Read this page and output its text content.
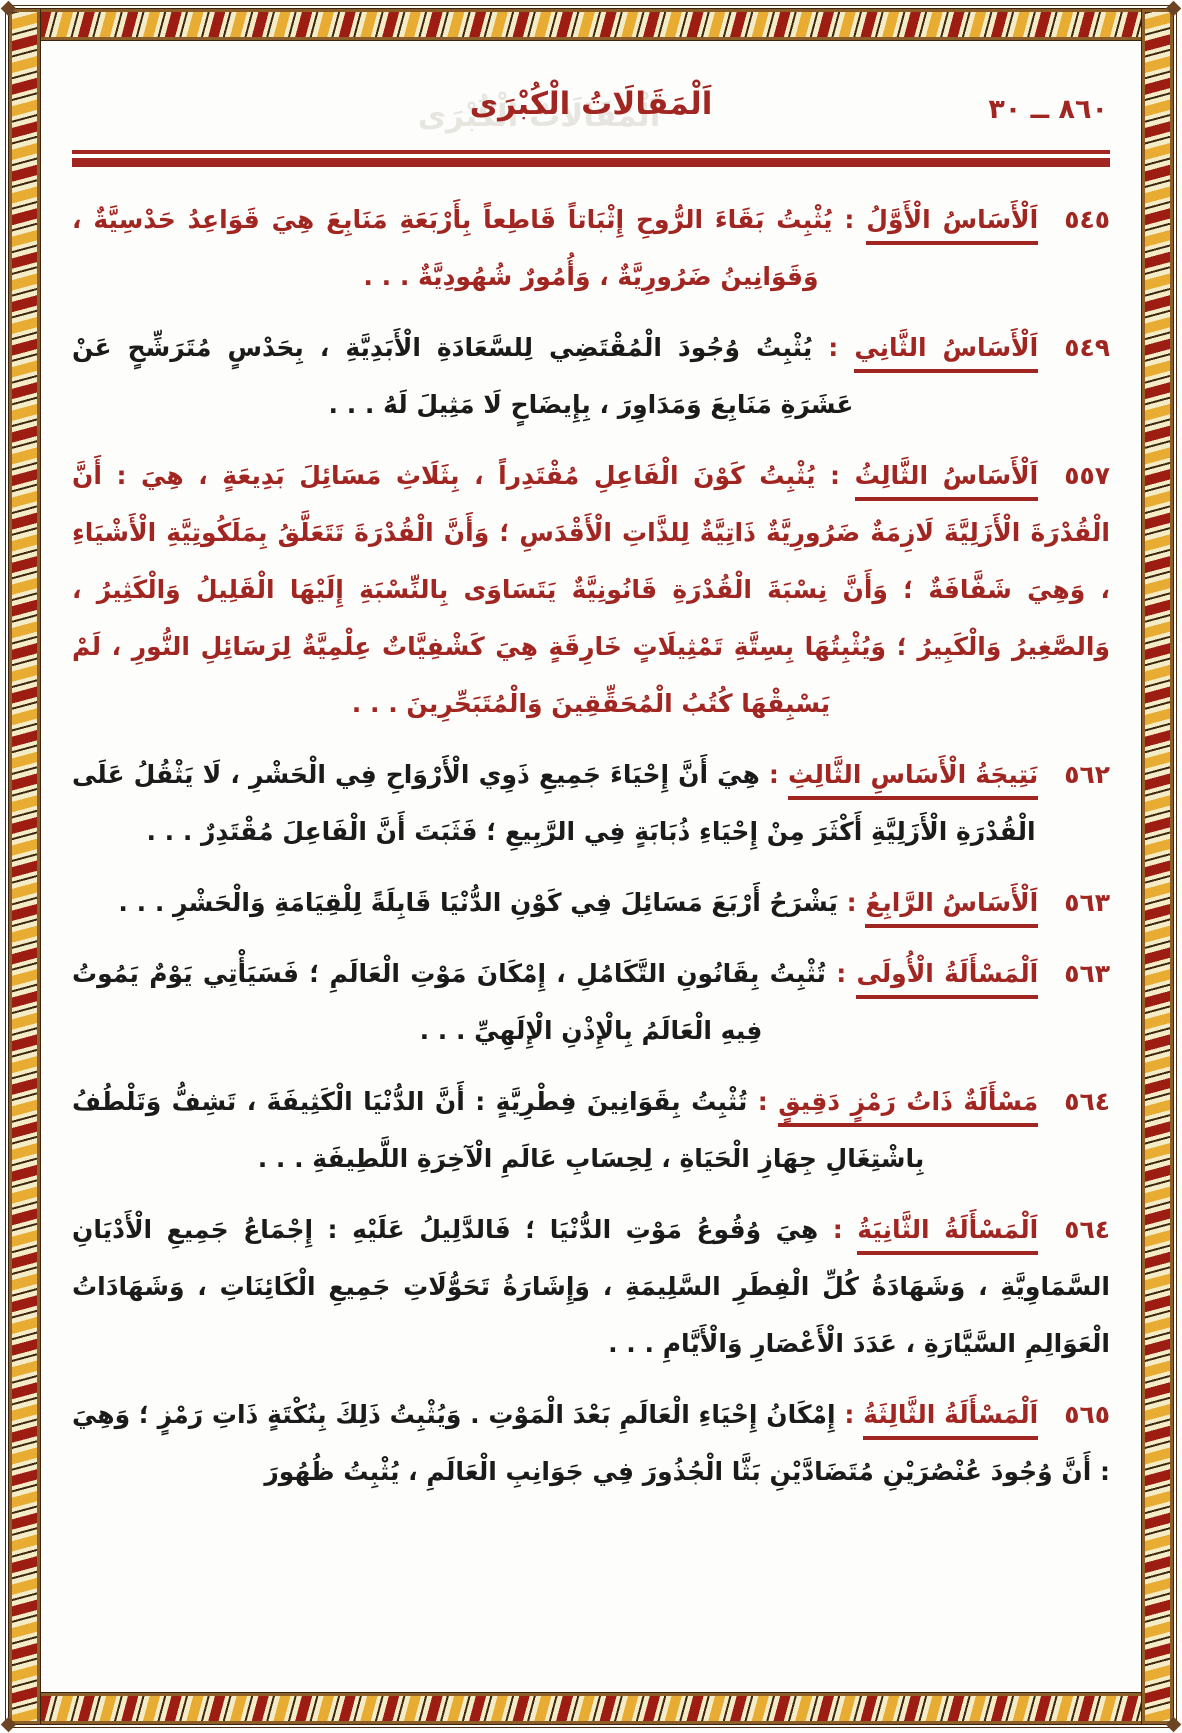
٨٦٠ ــ ٣٠
اَلْمَقَالَاتُ الْكُبْرَى

٥٤٥اَلْأَسَاسُ الْأَوَّلُ : يُثْبِتُ بَقَاءَ الرُّوحِ إِثْبَاتاً قَاطِعاً بِأَرْبَعَةِ مَنَابِعَ هِيَ قَوَاعِدُ حَدْسِيَّةٌ ، وَقَوَانِينُ ضَرُورِيَّةٌ ، وَأُمُورٌ شُهُودِيَّةٌ . . .

٥٤٩اَلْأَسَاسُ الثَّانِي : يُثْبِتُ وُجُودَ الْمُقْتَضِي لِلسَّعَادَةِ الْأَبَدِيَّةِ ، بِحَدْسٍ مُتَرَشِّحٍ عَنْ عَشَرَةِ مَنَابِعَ وَمَدَاوِرَ ، بِإِيضَاحٍ لَا مَثِيلَ لَهُ . . .

٥٥٧اَلْأَسَاسُ الثَّالِثُ : يُثْبِتُ كَوْنَ الْفَاعِلِ مُقْتَدِراً ، بِثَلَاثِ مَسَائِلَ بَدِيعَةٍ ، هِيَ : أَنَّ الْقُدْرَةَ الْأَزَلِيَّةَ لَازِمَةٌ ضَرُورِيَّةٌ ذَاتِيَّةٌ لِلذَّاتِ الْأَقْدَسِ ؛ وَأَنَّ الْقُدْرَةَ تَتَعَلَّقُ بِمَلَكُوتِيَّةِ الْأَشْيَاءِ ، وَهِيَ شَفَّافَةٌ ؛ وَأَنَّ نِسْبَةَ الْقُدْرَةِ قَانُونِيَّةٌ يَتَسَاوَى بِالنِّسْبَةِ إِلَيْهَا الْقَلِيلُ وَالْكَثِيرُ ، وَالصَّغِيرُ وَالْكَبِيرُ ؛ وَيُثْبِتُهَا بِسِتَّةِ تَمْثِيلَاتٍ خَارِقَةٍ هِيَ كَشْفِيَّاتٌ عِلْمِيَّةٌ لِرَسَائِلِ النُّورِ ، لَمْ يَسْبِقْهَا كُتُبُ الْمُحَقِّقِينَ وَالْمُتَبَحِّرِينَ . . .

٥٦٢نَتِيجَةُ الْأَسَاسِ الثَّالِثِ : هِيَ أَنَّ إِحْيَاءَ جَمِيعِ ذَوِي الْأَرْوَاحِ فِي الْحَشْرِ ، لَا يَثْقُلُ عَلَى الْقُدْرَةِ الْأَزَلِيَّةِ أَكْثَرَ مِنْ إِحْيَاءِ ذُبَابَةٍ فِي الرَّبِيعِ ؛ فَثَبَتَ أَنَّ الْفَاعِلَ مُقْتَدِرٌ . . .

٥٦٣اَلْأَسَاسُ الرَّابِعُ : يَشْرَحُ أَرْبَعَ مَسَائِلَ فِي كَوْنِ الدُّنْيَا قَابِلَةً لِلْقِيَامَةِ وَالْحَشْرِ . . .

٥٦٣اَلْمَسْأَلَةُ الْأُولَى : تُثْبِتُ بِقَانُونِ التَّكَامُلِ ، إِمْكَانَ مَوْتِ الْعَالَمِ ؛ فَسَيَأْتِي يَوْمٌ يَمُوتُ فِيهِ الْعَالَمُ بِالْإِذْنِ الْإِلَهِيِّ . . .

٥٦٤مَسْأَلَةٌ ذَاتُ رَمْزٍ دَقِيقٍ : تُثْبِتُ بِقَوَانِينَ فِطْرِيَّةٍ : أَنَّ الدُّنْيَا الْكَثِيفَةَ ، تَشِفُّ وَتَلْطُفُ بِاشْتِغَالِ جِهَازِ الْحَيَاةِ ، لِحِسَابِ عَالَمِ الْآخِرَةِ اللَّطِيفَةِ . . .

٥٦٤اَلْمَسْأَلَةُ الثَّانِيَةُ : هِيَ وُقُوعُ مَوْتِ الدُّنْيَا ؛ فَالدَّلِيلُ عَلَيْهِ : إِجْمَاعُ جَمِيعِ الْأَدْيَانِ السَّمَاوِيَّةِ ، وَشَهَادَةُ كُلِّ الْفِطَرِ السَّلِيمَةِ ، وَإِشَارَةُ تَحَوُّلَاتِ جَمِيعِ الْكَائِنَاتِ ، وَشَهَادَاتُ الْعَوَالِمِ السَّيَّارَةِ ، عَدَدَ الْأَعْصَارِ وَالْأَيَّامِ . . .

٥٦٥اَلْمَسْأَلَةُ الثَّالِثَةُ : إِمْكَانُ إِحْيَاءِ الْعَالَمِ بَعْدَ الْمَوْتِ . وَيُثْبِتُ ذَلِكَ بِنُكْتَةٍ ذَاتِ رَمْزٍ ؛ وَهِيَ : أَنَّ وُجُودَ عُنْصُرَيْنِ مُتَضَادَّيْنِ بَثَّا الْجُذُورَ فِي جَوَانِبِ الْعَالَمِ ، يُثْبِتُ ظُهُورَ
